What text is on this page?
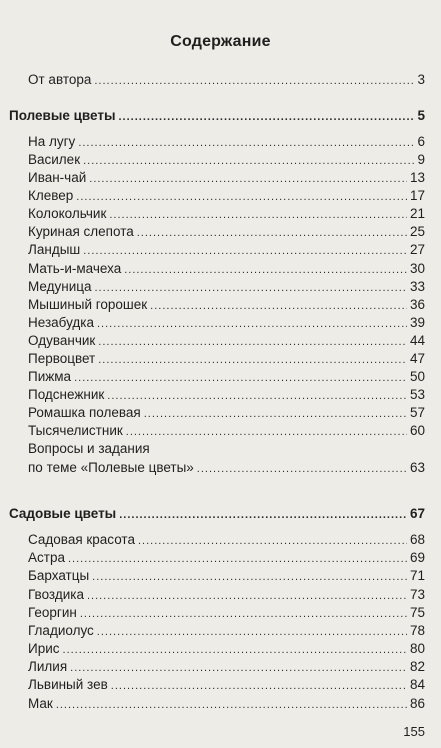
Содержание
От автора .....	3
Полевые цветы .....	5
На лугу .....	6
Василек .....	9
Иван-чай .....	13
Клевер .....	17
Колокольчик .....	21
Куриная слепота .....	25
Ландыш .....	27
Мать-и-мачеха .....	30
Медуница .....	33
Мышиный горошек .....	36
Незабудка .....	39
Одуванчик .....	44
Первоцвет .....	47
Пижма .....	50
Подснежник .....	53
Ромашка полевая .....	57
Тысячелистник .....	60
Вопросы и задания
по теме «Полевые цветы» .....	63
Садовые цветы .....	67
Садовая красота .....	68
Астра .....	69
Бархатцы .....	71
Гвоздика .....	73
Георгин .....	75
Гладиолус .....	78
Ирис .....	80
Лилия .....	82
Львиный зев .....	84
Мак .....	86
155
